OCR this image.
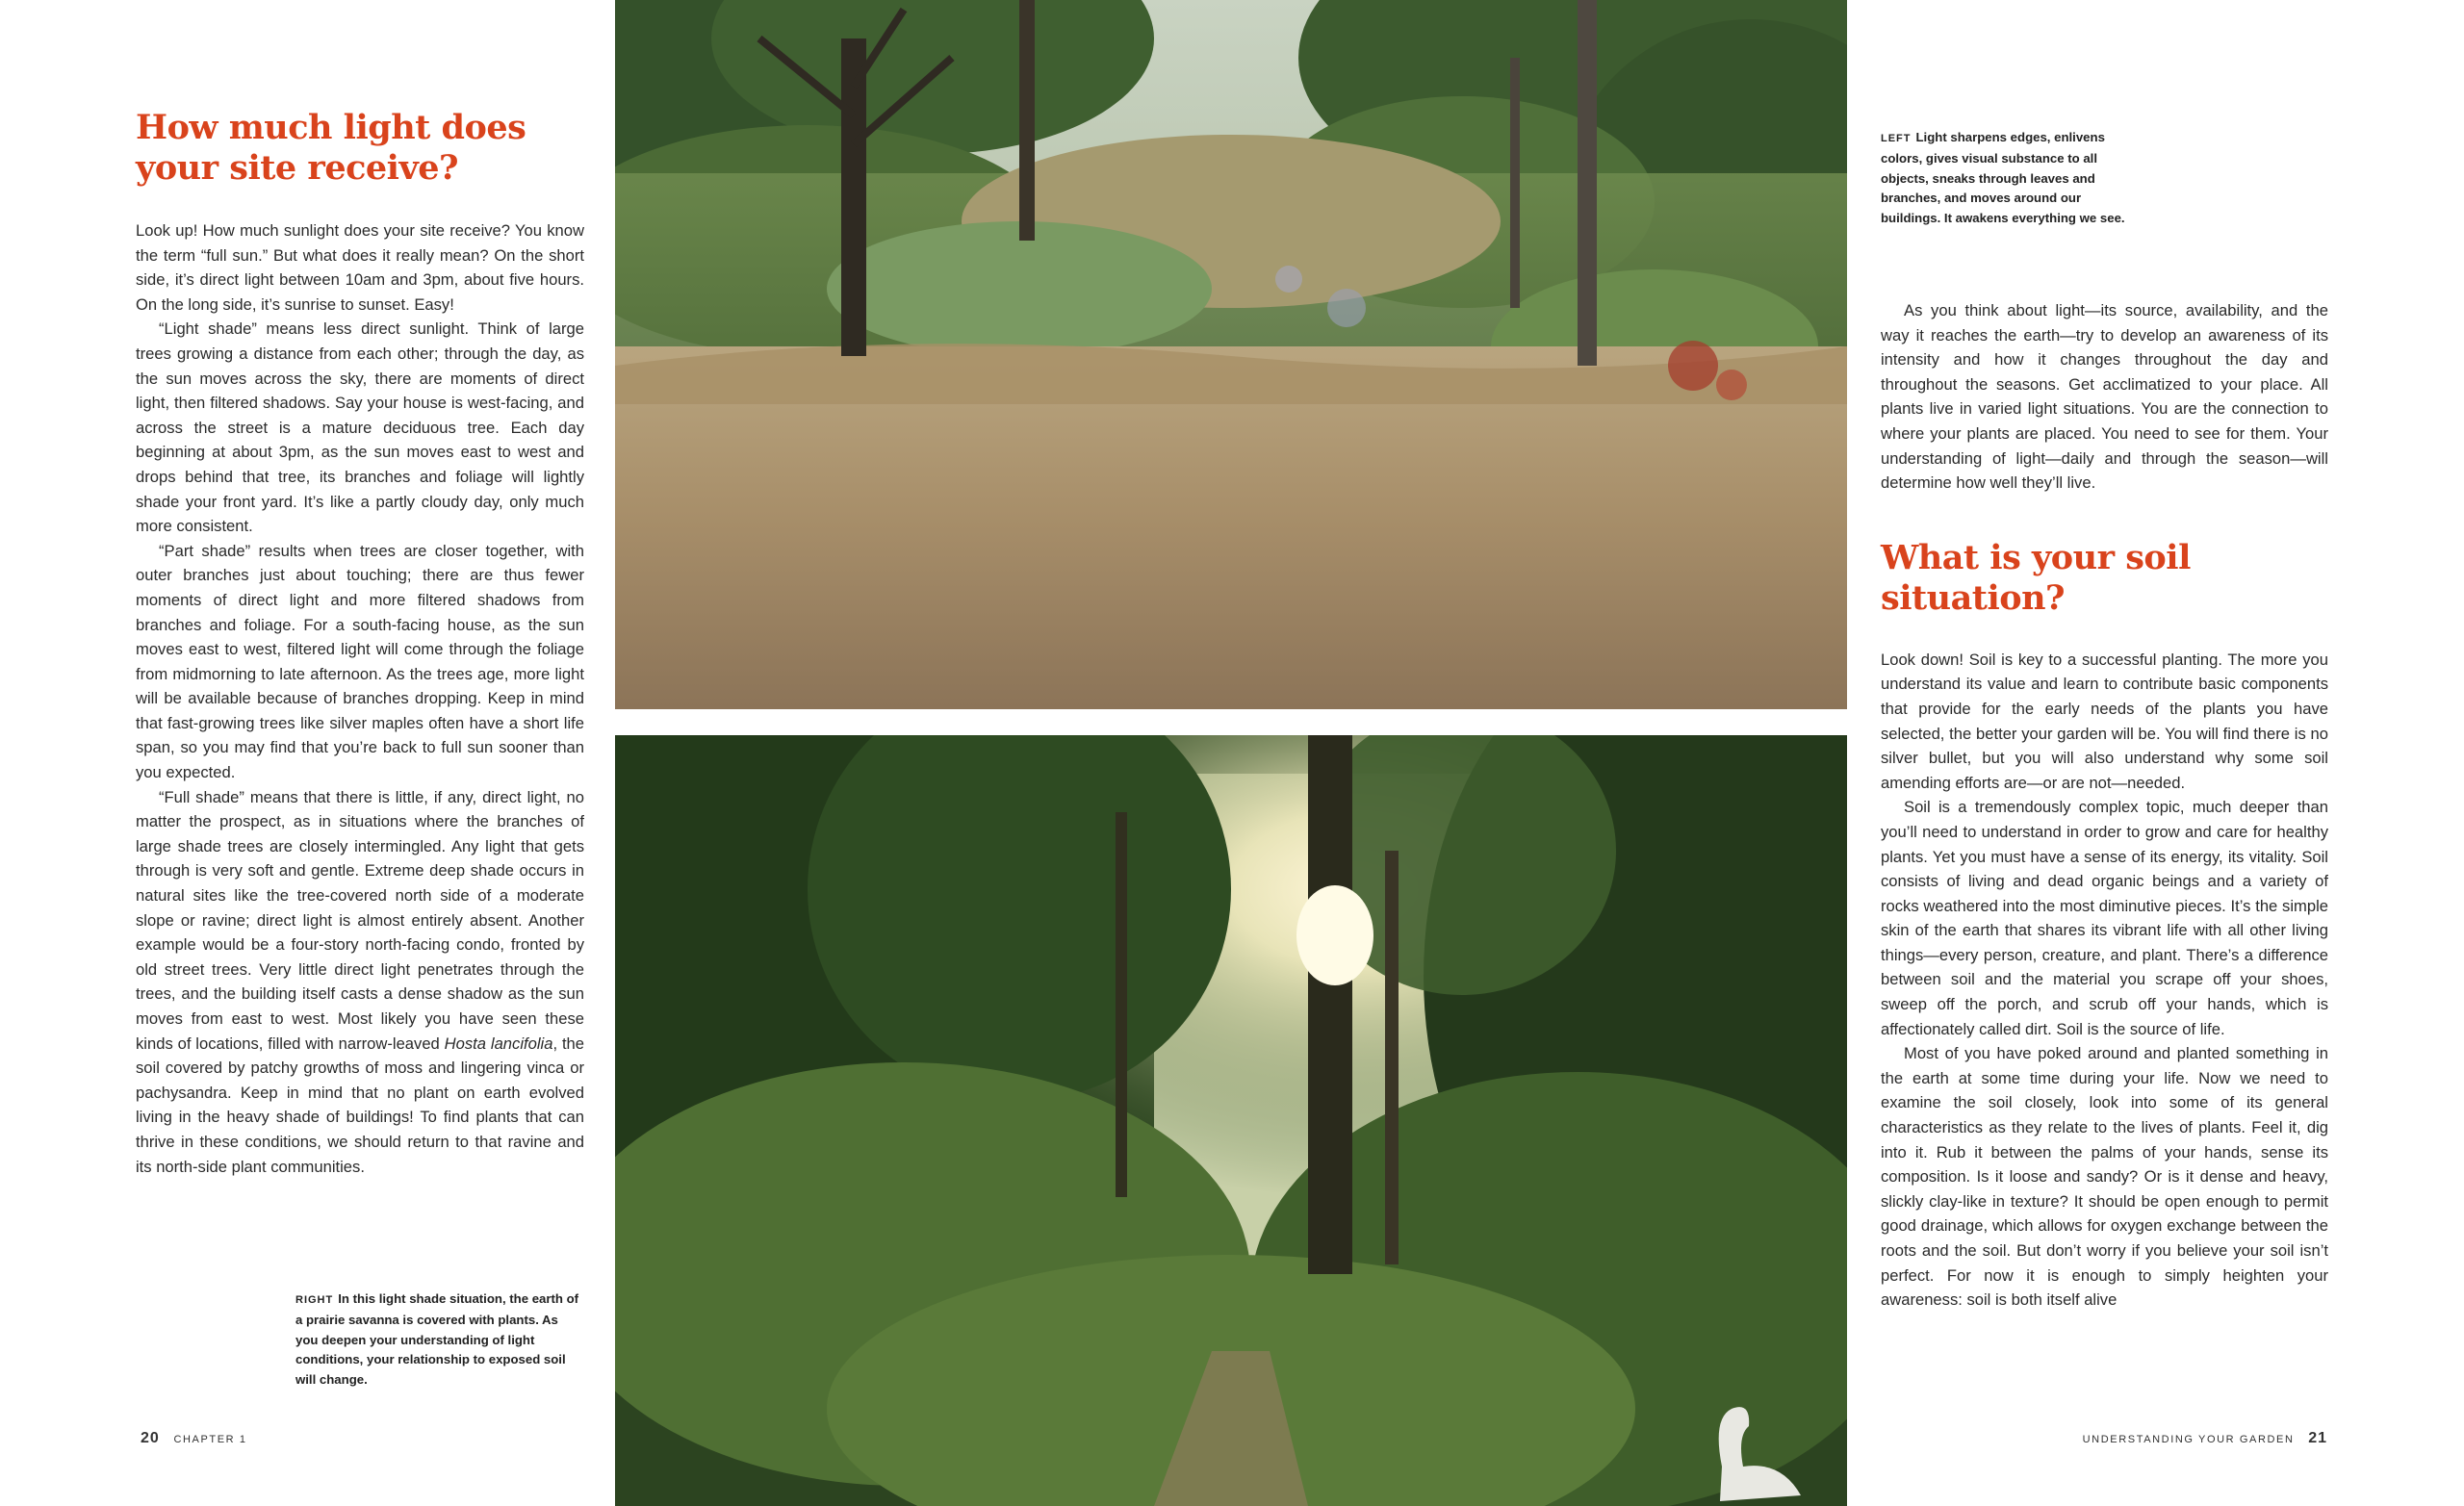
How much light does your site receive?

Look up! How much sunlight does your site receive? You know the term “full sun.” But what does it really mean? On the short side, it’s direct light between 10am and 3pm, about five hours. On the long side, it’s sunrise to sunset. Easy!

“Light shade” means less direct sunlight. Think of large trees growing a distance from each other; through the day, as the sun moves across the sky, there are moments of direct light, then filtered shadows. Say your house is west-facing, and across the street is a mature deciduous tree. Each day beginning at about 3pm, as the sun moves east to west and drops behind that tree, its branches and foliage will lightly shade your front yard. It’s like a partly cloudy day, only much more consistent.

“Part shade” results when trees are closer together, with outer branches just about touching; there are thus fewer moments of direct light and more filtered shadows from branches and foliage. For a south-facing house, as the sun moves east to west, filtered light will come through the foliage from midmorning to late afternoon. As the trees age, more light will be available because of branches dropping. Keep in mind that fast-growing trees like silver maples often have a short life span, so you may find that you’re back to full sun sooner than you expected.

“Full shade” means that there is little, if any, direct light, no matter the prospect, as in situations where the branches of large shade trees are closely intermingled. Any light that gets through is very soft and gentle. Extreme deep shade occurs in natural sites like the tree-covered north side of a moderate slope or ravine; direct light is almost entirely absent. Another example would be a four-story north-facing condo, fronted by old street trees. Very little direct light penetrates through the trees, and the building itself casts a dense shadow as the sun moves from east to west. Most likely you have seen these kinds of locations, filled with narrow-leaved Hosta lancifolia, the soil covered by patchy growths of moss and lingering vinca or pachysandra. Keep in mind that no plant on earth evolved living in the heavy shade of buildings! To find plants that can thrive in these conditions, we should return to that ravine and its north-side plant communities.

RIGHT In this light shade situation, the earth of a prairie savanna is covered with plants. As you deepen your understanding of light conditions, your relationship to exposed soil will change.
20 CHAPTER 1
LEFT Light sharpens edges, enlivens colors, gives visual substance to all objects, sneaks through leaves and branches, and moves around our buildings. It awakens everything we see.

As you think about light—its source, availability, and the way it reaches the earth—try to develop an awareness of its intensity and how it changes throughout the day and throughout the seasons. Get acclimatized to your place. All plants live in varied light situations. You are the connection to where your plants are placed. You need to see for them. Your understanding of light—daily and through the season—will determine how well they’ll live.

What is your soil situation?

Look down! Soil is key to a successful planting. The more you understand its value and learn to contribute basic components that provide for the early needs of the plants you have selected, the better your garden will be. You will find there is no silver bullet, but you will also understand why some soil amending efforts are—or are not—needed.

Soil is a tremendously complex topic, much deeper than you’ll need to understand in order to grow and care for healthy plants. Yet you must have a sense of its energy, its vitality. Soil consists of living and dead organic beings and a variety of rocks weathered into the most diminutive pieces. It’s the simple skin of the earth that shares its vibrant life with all other living things—every person, creature, and plant. There’s a difference between soil and the material you scrape off your shoes, sweep off the porch, and scrub off your hands, which is affectionately called dirt. Soil is the source of life.

Most of you have poked around and planted something in the earth at some time during your life. Now we need to examine the soil closely, look into some of its general characteristics as they relate to the lives of plants. Feel it, dig into it. Rub it between the palms of your hands, sense its composition. Is it loose and sandy? Or is it dense and heavy, slickly clay-like in texture? It should be open enough to permit good drainage, which allows for oxygen exchange between the roots and the soil. But don’t worry if you believe your soil isn’t perfect. For now it is enough to simply heighten your awareness: soil is both itself alive

UNDERSTANDING YOUR GARDEN 21
